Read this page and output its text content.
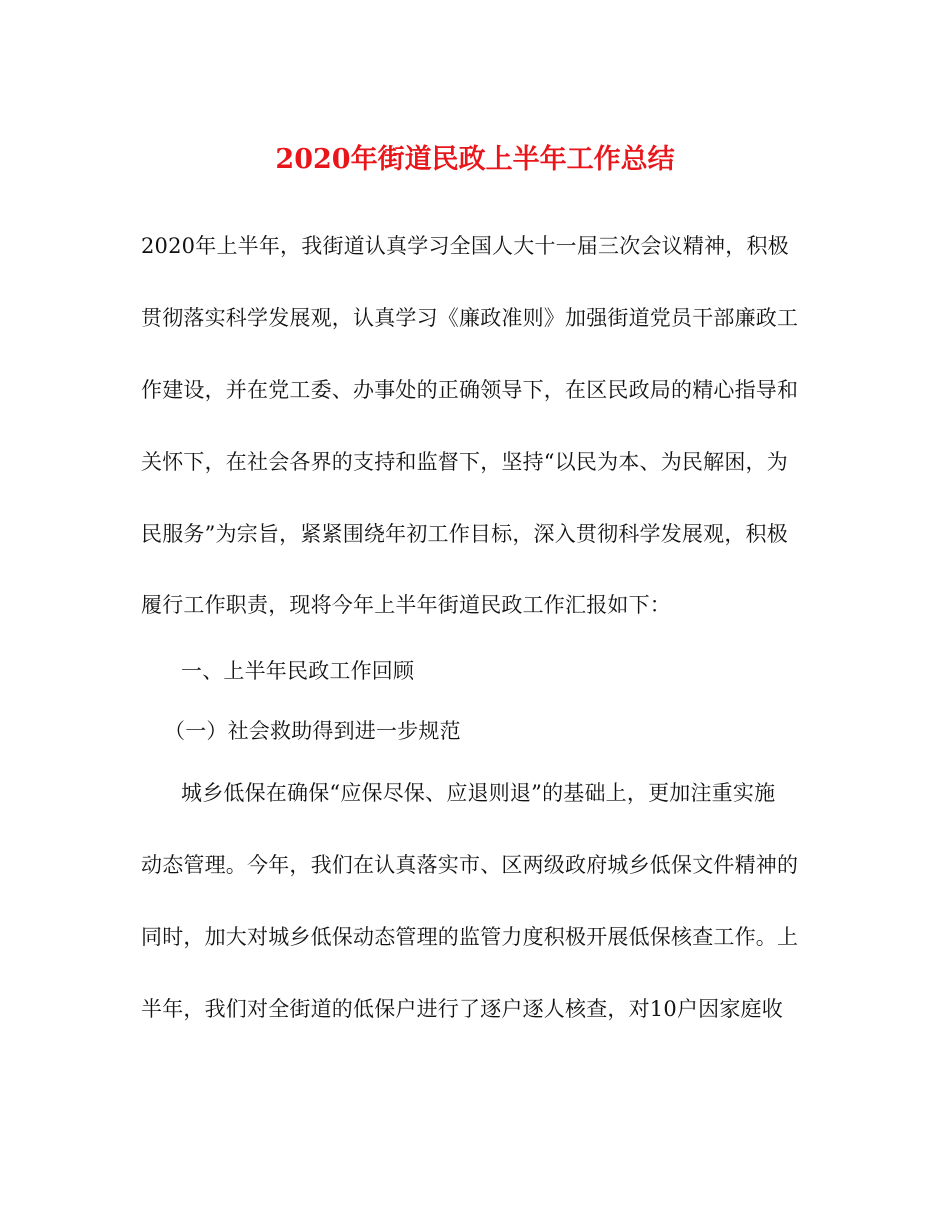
2020年街道民政上半年工作总结
2020年上半年，我街道认真学习全国人大十一届三次会议精神，积极
贯彻落实科学发展观，认真学习《廉政准则》加强街道党员干部廉政工
作建设，并在党工委、办事处的正确领导下，在区民政局的精心指导和
关怀下，在社会各界的支持和监督下，坚持“以民为本、为民解困，为
民服务”为宗旨，紧紧围绕年初工作目标，深入贯彻科学发展观，积极
履行工作职责，现将今年上半年街道民政工作汇报如下：
一、上半年民政工作回顾
（一）社会救助得到进一步规范
城乡低保在确保“应保尽保、应退则退”的基础上，更加注重实施
动态管理。今年，我们在认真落实市、区两级政府城乡低保文件精神的
同时，加大对城乡低保动态管理的监管力度积极开展低保核查工作。上
半年，我们对全街道的低保户进行了逐户逐人核查，对10户因家庭收
